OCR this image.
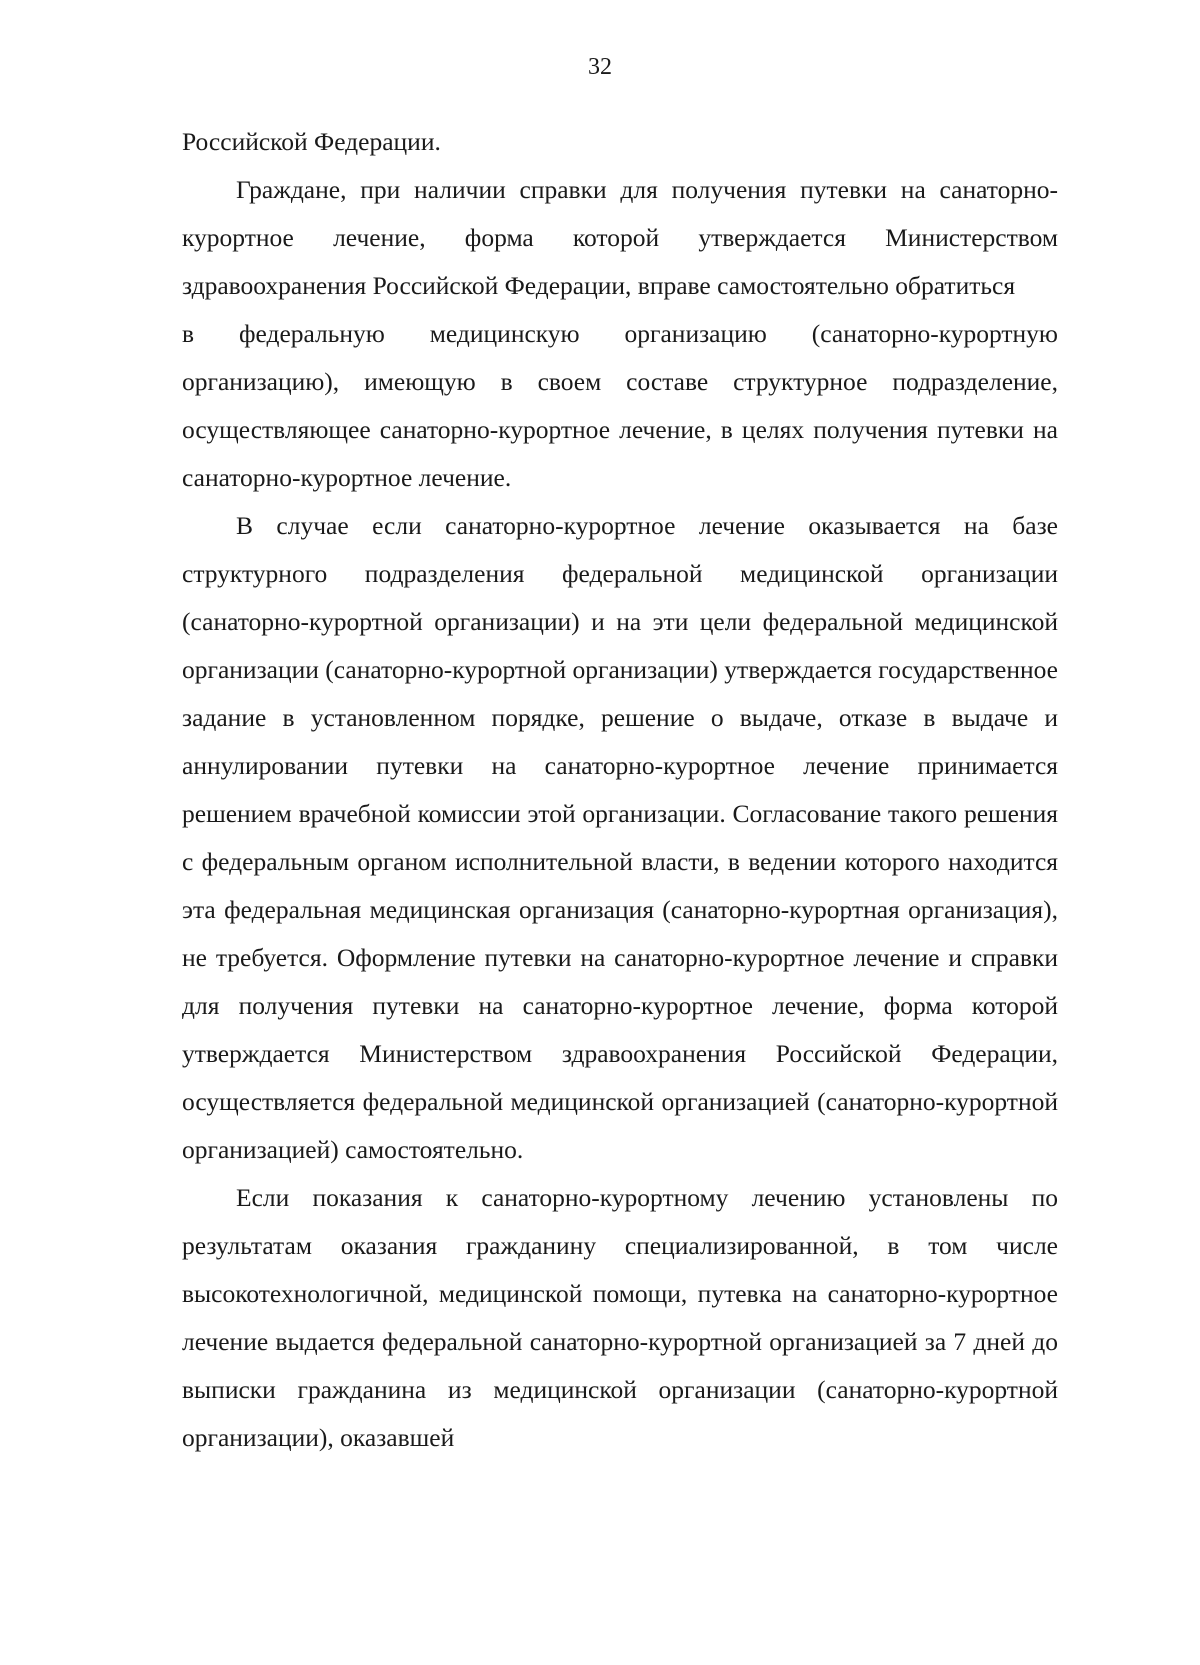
32

Российской Федерации.

Граждане, при наличии справки для получения путевки на санаторно-курортное лечение, форма которой утверждается Министерством здравоохранения Российской Федерации, вправе самостоятельно обратиться

в федеральную медицинскую организацию (санаторно-курортную организацию), имеющую в своем составе структурное подразделение, осуществляющее санаторно-курортное лечение, в целях получения путевки на санаторно-курортное лечение.

В случае если санаторно-курортное лечение оказывается на базе структурного подразделения федеральной медицинской организации (санаторно-курортной организации) и на эти цели федеральной медицинской организации (санаторно-курортной организации) утверждается государственное задание в установленном порядке, решение о выдаче, отказе в выдаче и аннулировании путевки на санаторно-курортное лечение принимается решением врачебной комиссии этой организации. Согласование такого решения с федеральным органом исполнительной власти, в ведении которого находится эта федеральная медицинская организация (санаторно-курортная организация), не требуется. Оформление путевки на санаторно-курортное лечение и справки для получения путевки на санаторно-курортное лечение, форма которой утверждается Министерством здравоохранения Российской Федерации, осуществляется федеральной медицинской организацией (санаторно-курортной организацией) самостоятельно.

Если показания к санаторно-курортному лечению установлены по результатам оказания гражданину специализированной, в том числе высокотехнологичной, медицинской помощи, путевка на санаторно-курортное лечение выдается федеральной санаторно-курортной организацией за 7 дней до выписки гражданина из медицинской организации (санаторно-курортной организации), оказавшей
